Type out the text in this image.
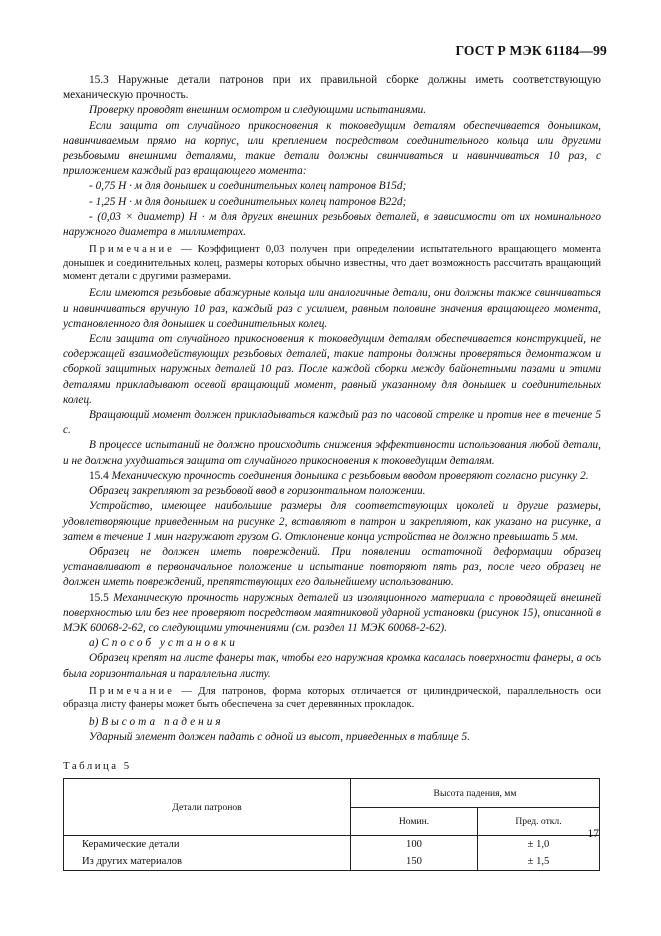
ГОСТ Р МЭК 61184—99

15.3 Наружные детали патронов при их правильной сборке должны иметь соответствующую механическую прочность.

Проверку проводят внешним осмотром и следующими испытаниями.

Если защита от случайного прикосновения к токоведущим деталям обеспечивается донышком, навинчиваемым прямо на корпус, или креплением посредством соединительного кольца или другими резьбовыми внешними деталями, такие детали должны свинчиваться и навинчиваться 10 раз, с приложением каждый раз вращающего момента:

- 0,75 Н · м для донышек и соединительных колец патронов В15d;

- 1,25 Н · м для донышек и соединительных колец патронов В22d;

- (0,03 × диаметр) Н · м для других внешних резьбовых деталей, в зависимости от их номинального наружного диаметра в миллиметрах.

Примечание — Коэффициент 0,03 получен при определении испытательного вращающего момента донышек и соединительных колец, размеры которых обычно известны, что дает возможность рассчитать вращающий момент детали с другими размерами.

Если имеются резьбовые абажурные кольца или аналогичные детали, они должны также свинчиваться и навинчиваться вручную 10 раз, каждый раз с усилием, равным половине значения вращающего момента, установленного для донышек и соединительных колец.

Если защита от случайного прикосновения к токоведущим деталям обеспечивается конструкцией, не содержащей взаимодействующих резьбовых деталей, такие патроны должны проверяться демонтажом и сборкой защитных наружных деталей 10 раз. После каждой сборки между байонетными пазами и этими деталями прикладывают осевой вращающий момент, равный указанному для донышек и соединительных колец.

Вращающий момент должен прикладываться каждый раз по часовой стрелке и против нее в течение 5 с.

В процессе испытаний не должно происходить снижения эффективности использования любой детали, и не должна ухудшаться защита от случайного прикосновения к токоведущим деталям.

15.4 Механическую прочность соединения донышка с резьбовым вводом проверяют согласно рисунку 2.

Образец закрепляют за резьбовой ввод в горизонтальном положении.

Устройство, имеющее наибольшие размеры для соответствующих цоколей и другие размеры, удовлетворяющие приведенным на рисунке 2, вставляют в патрон и закрепляют, как указано на рисунке, а затем в течение 1 мин нагружают грузом G. Отклонение конца устройства не должно превышать 5 мм.

Образец не должен иметь повреждений. При появлении остаточной деформации образец устанавливают в первоначальное положение и испытание повторяют пять раз, после чего образец не должен иметь повреждений, препятствующих его дальнейшему использованию.

15.5 Механическую прочность наружных деталей из изоляционного материала с проводящей внешней поверхностью или без нее проверяют посредством маятниковой ударной установки (рисунок 15), описанной в МЭК 60068-2-62, со следующими уточнениями (см. раздел 11 МЭК 60068-2-62).

a) Способ установки

Образец крепят на листе фанеры так, чтобы его наружная кромка касалась поверхности фанеры, а ось была горизонтальная и параллельна листу.

Примечание — Для патронов, форма которых отличается от цилиндрической, параллельность оси образца листу фанеры может быть обеспечена за счет деревянных прокладок.

b) Высота падения

Ударный элемент должен падать с одной из высот, приведенных в таблице 5.

Таблица 5

Детали патронов	Высота падения, мм	
	Номин.	Пред. откл.
Керамические детали	100	± 1,0
Из других материалов	150	± 1,5
17
